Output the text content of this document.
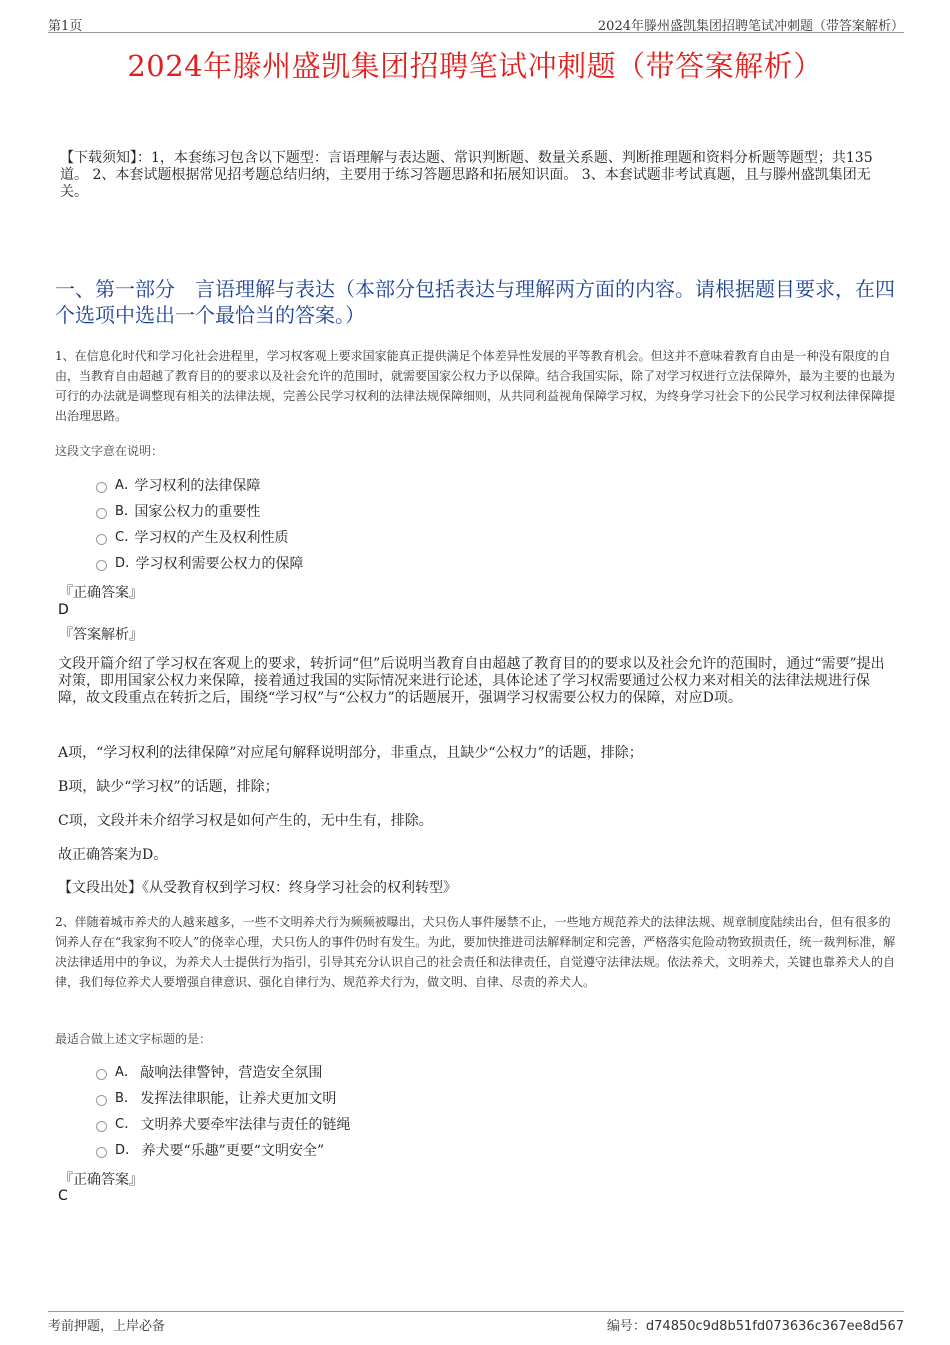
第1页	2024年滕州盛凯集团招聘笔试冲刺题（带答案解析）
2024年滕州盛凯集团招聘笔试冲刺题（带答案解析）
【下载须知】：1，本套练习包含以下题型：言语理解与表达题、常识判断题、数量关系题、判断推理题和资料分析题等题型；共135道。 2、本套试题根据常见招考题总结归纳，主要用于练习答题思路和拓展知识面。 3、本套试题非考试真题，且与滕州盛凯集团无关。
一、第一部分　言语理解与表达（本部分包括表达与理解两方面的内容。请根据题目要求，在四个选项中选出一个最恰当的答案。）
1、在信息化时代和学习化社会进程里，学习权客观上要求国家能真正提供满足个体差异性发展的平等教育机会。但这并不意味着教育自由是一种没有限度的自由，当教育自由超越了教育目的的要求以及社会允许的范围时，就需要国家公权力予以保障。结合我国实际，除了对学习权进行立法保障外，最为主要的也最为可行的办法就是调整现有相关的法律法规，完善公民学习权利的法律法规保障细则，从共同利益视角保障学习权，为终身学习社会下的公民学习权利法律保障提出治理思路。
这段文字意在说明：
A . 学习权利的法律保障
B . 国家公权力的重要性
C . 学习权的产生及权利性质
D . 学习权利需要公权力的保障
『正确答案』
D
『答案解析』
文段开篇介绍了学习权在客观上的要求，转折词“但”后说明当教育自由超越了教育目的的要求以及社会允许的范围时，通过“需要”提出对策，即用国家公权力来保障，接着通过我国的实际情况来进行论述，具体论述了学习权需要通过公权力来对相关的法律法规进行保障，故文段重点在转折之后，围绕“学习权”与“公权力”的话题展开，强调学习权需要公权力的保障，对应D项。
A项，“学习权利的法律保障”对应尾句解释说明部分，非重点，且缺少“公权力”的话题，排除；
B项，缺少“学习权”的话题，排除；
C项，文段并未介绍学习权是如何产生的，无中生有，排除。
故正确答案为D。
【文段出处】《从受教育权到学习权：终身学习社会的权利转型》
2、伴随着城市养犬的人越来越多，一些不文明养犬行为频频被曝出，犬只伤人事件屡禁不止，一些地方规范养犬的法律法规、规章制度陆续出台，但有很多的饲养人存在“我家狗不咬人”的侥幸心理，犬只伤人的事件仍时有发生。为此，要加快推进司法解释制定和完善，严格落实危险动物致损责任，统一裁判标准，解决法律适用中的争议，为养犬人士提供行为指引，引导其充分认识自己的社会责任和法律责任，自觉遵守法律法规。依法养犬，文明养犬，关键也靠养犬人的自律，我们每位养犬人要增强自律意识、强化自律行为、规范养犬行为，做文明、自律、尽责的养犬人。
最适合做上述文字标题的是：
A . 敲响法律警钟，营造安全氛围
B . 发挥法律职能，让养犬更加文明
C . 文明养犬要牵牢法律与责任的链绳
D . 养犬要“乐趣”更要“文明安全”
『正确答案』
C
考前押题，上岸必备	编号：d74850c9d8b51fd073636c367ee8d567
